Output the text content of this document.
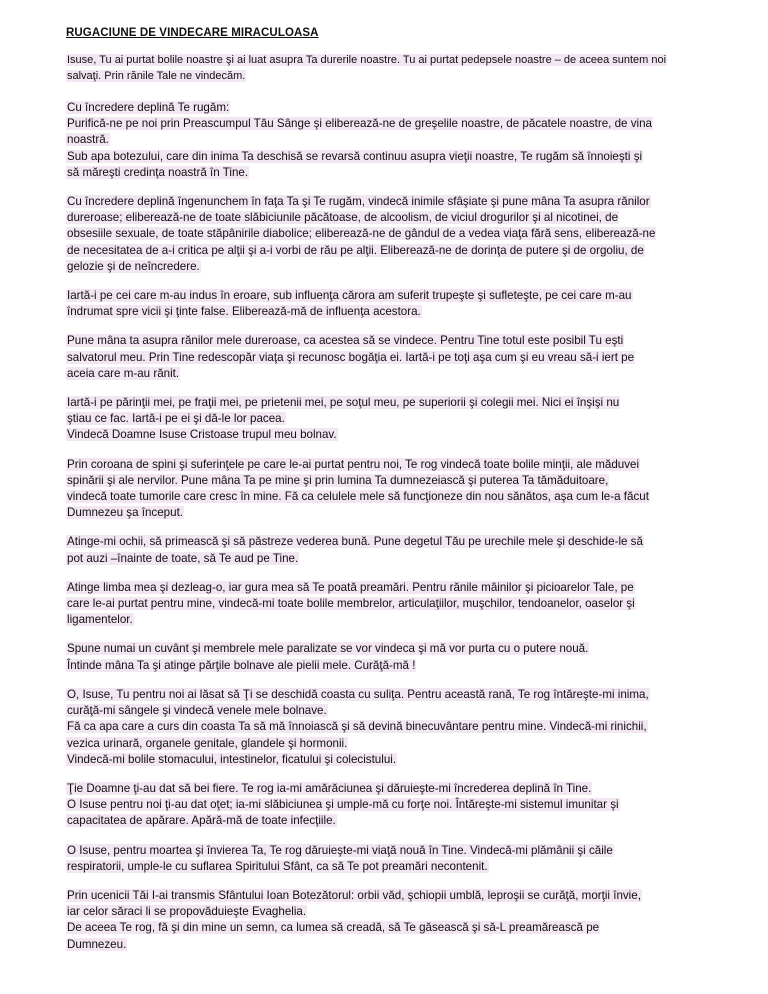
RUGACIUNE DE VINDECARE MIRACULOASA
Isuse, Tu ai purtat bolile noastre şi ai luat asupra Ta durerile noastre. Tu ai purtat pedepsele noastre – de aceea suntem noi
salvaţi. Prin rănile Tale ne vindecăm.
Cu încredere deplină Te rugăm:
Purifică-ne pe noi prin Preascumpul Tău Sânge şi eliberează-ne de greşelile noastre, de păcatele noastre, de vina
noastră.
Sub apa botezului, care din inima Ta deschisă se revarsă continuu asupra vieţii noastre, Te rugăm să înnoieşti şi
să măreşti credinţa noastră în Tine.
Cu încredere deplină îngenunchem în faţa Ta şi Te rugăm, vindecă inimile sfâşiate şi pune mâna Ta asupra rănilor
dureroase; eliberează-ne de toate slăbiciunile păcătoase, de alcoolism, de viciul drogurilor şi al nicotinei, de
obsesiile sexuale, de toate stăpânirile diabolice; eliberează-ne de gândul de a vedea viaţa fără sens, eliberează-ne
de necesitatea de a-i critica pe alţii şi a-i vorbi de rău pe alţii. Eliberează-ne de dorinţa de putere şi de orgoliu, de
gelozie şi de neîncredere.
Iartă-i pe cei care m-au indus în eroare, sub influenţa cărora am suferit trupeşte şi sufleteşte, pe cei care m-au
îndrumat spre vicii şi ţinte false. Eliberează-mă de influenţa acestora.
Pune mâna ta asupra rănilor mele dureroase, ca acestea să se vindece. Pentru Tine totul este posibil Tu eşti
salvatorul meu. Prin Tine redescopăr viaţa şi recunosc bogăţia ei. Iartă-i pe toţi aşa cum şi eu vreau să-i iert pe
aceia care m-au rănit.
Iartă-i pe părinţii mei, pe fraţii mei, pe prietenii mei, pe soţul meu, pe superiorii şi colegii mei. Nici ei înşişi nu
ştiau ce fac. Iartă-i pe ei şi dă-le lor pacea.
Vindecă Doamne Isuse Cristoase trupul meu bolnav.
Prin coroana de spini şi suferinţele pe care le-ai purtat pentru noi, Te rog vindecă toate bolile minţii, ale măduvei
spinării şi ale nervilor. Pune mâna Ta pe mine şi prin lumina Ta dumnezeiască şi puterea Ta tămăduitoare,
vindecă toate tumorile care cresc în mine. Fă ca celulele mele să funcţioneze din nou sănătos, aşa cum le-a făcut
Dumnezeu şa început.
Atinge-mi ochii, să primească şi să păstreze vederea bună. Pune degetul Tău pe urechile mele şi deschide-le să
pot auzi –înainte de toate, să Te aud pe Tine.
Atinge limba mea şi dezleag-o, iar gura mea să Te poată preamări. Pentru rănile mâinilor şi picioarelor Tale, pe
care le-ai purtat pentru mine, vindecă-mi toate bolile membrelor, articulaţiilor, muşchilor, tendoanelor, oaselor şi
ligamentelor.
Spune numai un cuvânt şi membrele mele paralizate se vor vindeca şi mă vor purta cu o putere nouă.
Întinde mâna Ta şi atinge părţile bolnave ale pielii mele. Curăţă-mă !
O, Isuse, Tu pentru noi ai lăsat să Ţi se deschidă coasta cu suliţa. Pentru această rană, Te rog întăreşte-mi inima,
curăţă-mi sângele şi vindecă venele mele bolnave.
Fă ca apa care a curs din coasta Ta să mă înnoiască şi să devină binecuvântare pentru mine. Vindecă-mi rinichii,
vezica urinară, organele genitale, glandele şi hormonii.
Vindecă-mi bolile stomacului, intestinelor, ficatului şi colecistului.
Ţie Doamne ţi-au dat să bei fiere. Te rog ia-mi amărăciunea şi dăruieşte-mi încrederea deplină în Tine.
O Isuse pentru noi ţi-au dat oţet; ia-mi slăbiciunea şi umple-mă cu forţe noi. Întăreşte-mi sistemul imunitar şi
capacitatea de apărare. Apără-mă de toate infecţiile.
O Isuse, pentru moartea şi învierea Ta, Te rog dăruieşte-mi viaţă nouă în Tine. Vindecă-mi plămânii şi căile
respiratorii, umple-le cu suflarea Spiritului Sfânt, ca să Te pot preamări necontenit.
Prin ucenicii Tăi I-ai transmis Sfântului Ioan Botezătorul: orbii văd, şchiopii umblă, leproşii se curăţă, morţii învie,
iar celor săraci li se propovăduieşte Evaghelia.
De aceea Te rog, fă şi din mine un semn, ca lumea să creadă, să Te găsească şi să-L preamărească pe
Dumnezeu.
